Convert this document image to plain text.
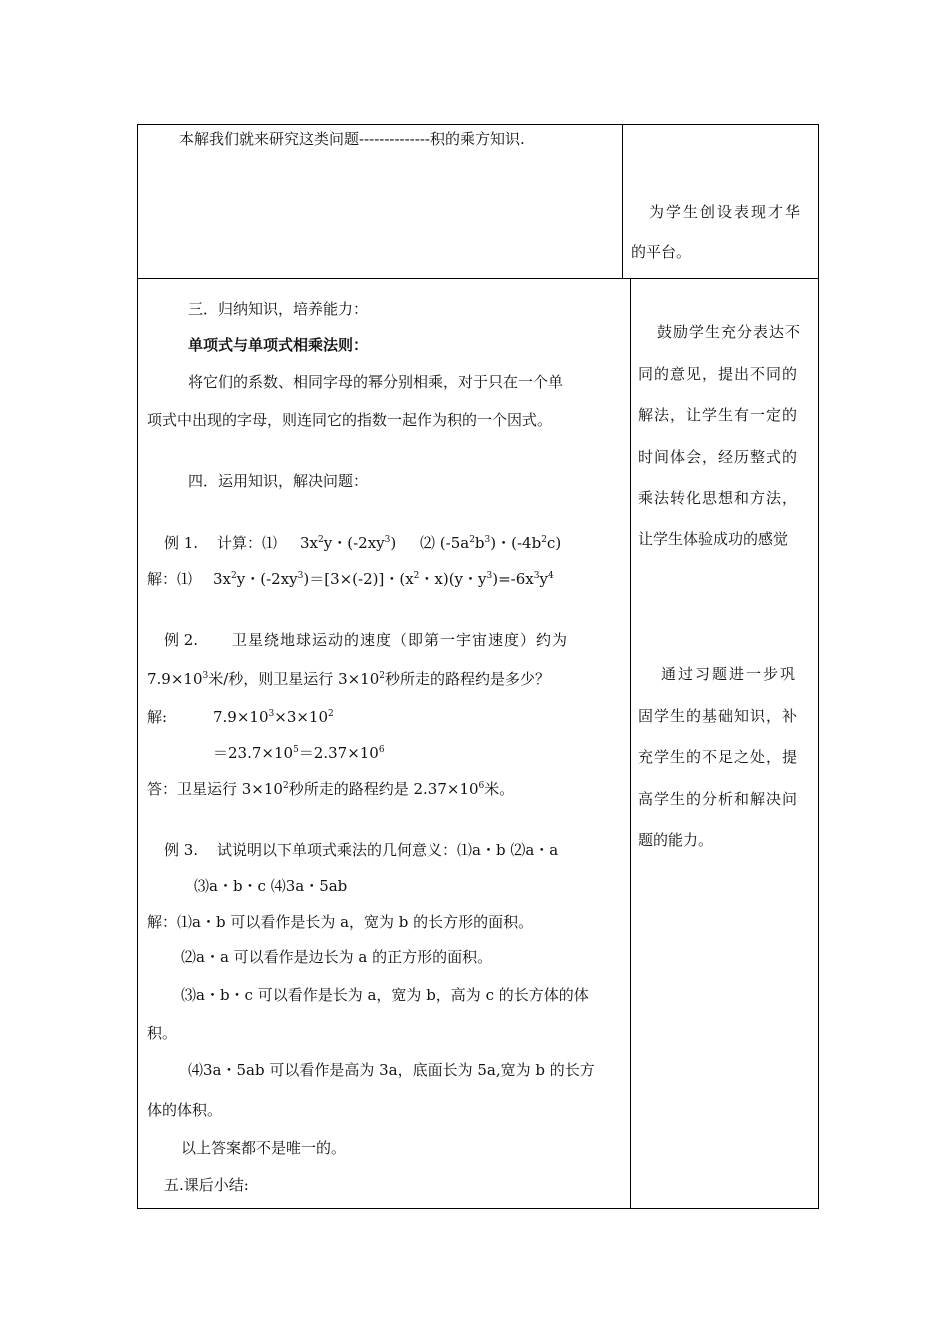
本解我们就来研究这类问题--------------积的乘方知识.
为学生创设表现才华
的平台。
三．归纳知识，培养能力：
单项式与单项式相乘法则：
将它们的系数、相同字母的幂分别相乘，对于只在一个单
项式中出现的字母，则连同它的指数一起作为积的一个因式。
四．运用知识，解决问题：
例 1. 计算：⑴ $3x^2y$・$(-2xy^3)$ ⑵ $(-5a^2b^3)$・$(-4b^2c)$
解：⑴ $3x^2y$・$(-2xy^3)=[3\times(-2)]$・($x^2$・x)(y・$y^3)=-6x^3y^4$
例 2. 卫星绕地球运动的速度（即第一宇宙速度）约为
$7.9\times 10^3$米/秒，则卫星运行 $3\times 10^2$秒所走的路程约是多少？
解:	$7.9\times 10^3\times 3\times 10^2$
$=23.7\times 10^5=2.37\times 10^6$
答：卫星运行 $3\times 10^2$秒所走的路程约是 $2.37\times 10^6$米。
例 3. 试说明以下单项式乘法的几何意义：⑴a・b ⑵a・a
⑶a・b・c ⑷3a・5ab
解：⑴a・b 可以看作是长为 a，宽为 b 的长方形的面积。
⑵a・a 可以看作是边长为 a 的正方形的面积。
⑶a・b・c 可以看作是长为 a，宽为 b，高为 c 的长方体的体
积。
⑷3a・5ab 可以看作是高为 3a，底面长为 5a,宽为 b 的长方
体的体积。
以上答案都不是唯一的。
五.课后小结:
鼓励学生充分表达不
同的意见，提出不同的
解法，让学生有一定的
时间体会，经历整式的
乘法转化思想和方法，
让学生体验成功的感觉
通过习题进一步巩
固学生的基础知识，补
充学生的不足之处，提
高学生的分析和解决问
题的能力。
